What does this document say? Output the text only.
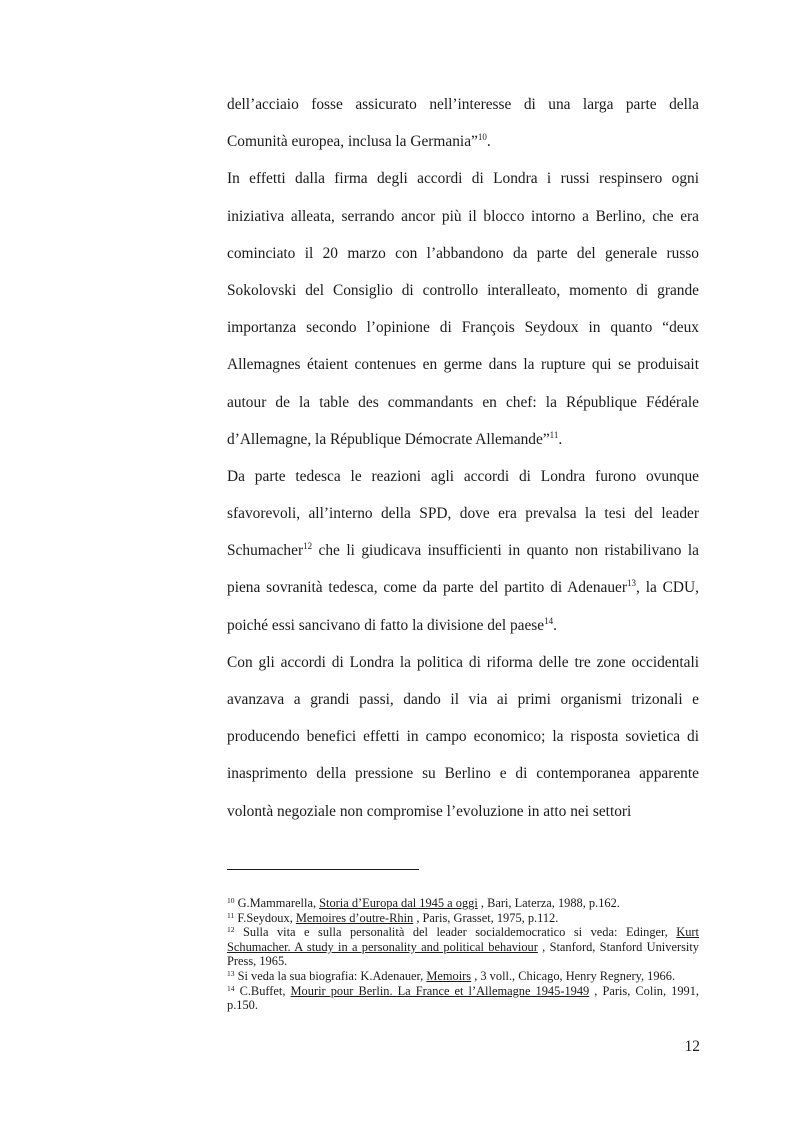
dell’acciaio fosse assicurato nell’interesse di una larga parte della
Comunità europea, inclusa la Germania”$^{10}$.
In effetti dalla firma degli accordi di Londra i russi respinsero ogni
iniziativa alleata, serrando ancor più il blocco intorno a Berlino, che era
cominciato il 20 marzo con l’abbandono da parte del generale russo
Sokolovski del Consiglio di controllo interalleato, momento di grande
importanza secondo l’opinione di François Seydoux in quanto “deux
Allemagnes étaient contenues en germe dans la rupture qui se produisait
autour de la table des commandants en chef: la République Fédérale
d’Allemagne, la République Démocrate Allemande”$^{11}$.
Da parte tedesca le reazioni agli accordi di Londra furono ovunque
sfavorevoli, all’interno della SPD, dove era prevalsa la tesi del leader
Schumacher$^{12}$ che li giudicava insufficienti in quanto non ristabilivano la
piena sovranità tedesca, come da parte del partito di Adenauer$^{13}$, la CDU,
poiché essi sancivano di fatto la divisione del paese$^{14}$.
Con gli accordi di Londra la politica di riforma delle tre zone occidentali
avanzava a grandi passi, dando il via ai primi organismi trizonali e
producendo benefici effetti in campo economico; la risposta sovietica di
inasprimento della pressione su Berlino e di contemporanea apparente
volontà negoziale non compromise l’evoluzione in atto nei settori

$^{10}$ G.Mammarella, Storia d’Europa dal 1945 a oggi , Bari, Laterza, 1988, p.162.

$^{11}$ F.Seydoux, Memoires d’outre-Rhin , Paris, Grasset, 1975, p.112.

$^{12}$ Sulla vita e sulla personalità del leader socialdemocratico si veda: Edinger, Kurt Schumacher. A study in a personality and political behaviour , Stanford, Stanford University Press, 1965.

$^{13}$ Si veda la sua biografia: K.Adenauer, Memoirs , 3 voll., Chicago, Henry Regnery, 1966.

$^{14}$ C.Buffet, Mourir pour Berlin. La France et l’Allemagne 1945-1949 , Paris, Colin, 1991, p.150.

12
